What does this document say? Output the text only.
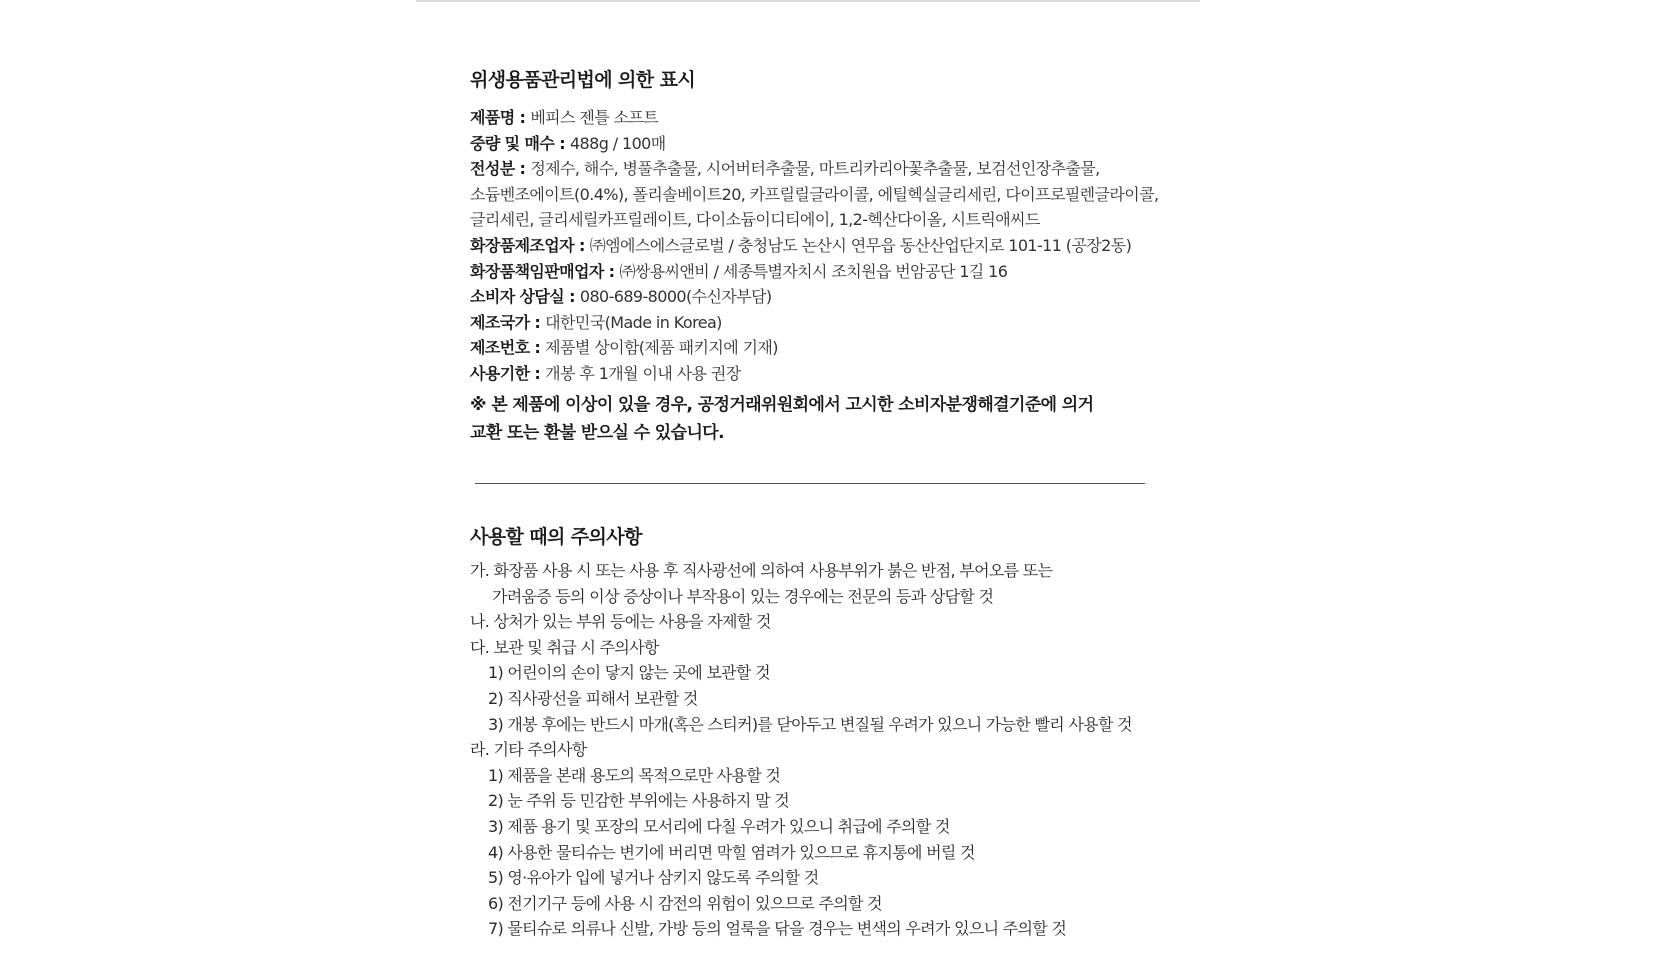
위생용품관리법에 의한 표시
제품명 : 베피스 젠틀 소프트
중량 및 매수 : 488g / 100매
전성분 : 정제수, 해수, 병풀추출물, 시어버터추출물, 마트리카리아꽃추출물, 보검선인장추출물,
소듐벤조에이트(0.4%), 폴리솔베이트20, 카프릴릴글라이콜, 에틸헥실글리세린, 다이프로필렌글라이콜,
글리세린, 글리세릴카프릴레이트, 다이소듐이디티에이, 1,2-헥산다이올, 시트릭애씨드
화장품제조업자 : ㈜엠에스에스글로벌 / 충청남도 논산시 연무읍 동산산업단지로 101-11 (공장2동)
화장품책임판매업자 : ㈜쌍용씨앤비 / 세종특별자치시 조치원읍 번암공단 1길 16
소비자 상담실 : 080-689-8000(수신자부담)
제조국가 : 대한민국(Made in Korea)
제조번호 : 제품별 상이함(제품 패키지에 기재)
사용기한 : 개봉 후 1개월 이내 사용 권장
※ 본 제품에 이상이 있을 경우, 공정거래위원회에서 고시한 소비자분쟁해결기준에 의거
교환 또는 환불 받으실 수 있습니다.
사용할 때의 주의사항
가. 화장품 사용 시 또는 사용 후 직사광선에 의하여 사용부위가 붉은 반점, 부어오름 또는
가려움증 등의 이상 증상이나 부작용이 있는 경우에는 전문의 등과 상담할 것
나. 상처가 있는 부위 등에는 사용을 자제할 것
다. 보관 및 취급 시 주의사항
1) 어린이의 손이 닿지 않는 곳에 보관할 것
2) 직사광선을 피해서 보관할 것
3) 개봉 후에는 반드시 마개(혹은 스티커)를 닫아두고 변질될 우려가 있으니 가능한 빨리 사용할 것
라. 기타 주의사항
1) 제품을 본래 용도의 목적으로만 사용할 것
2) 눈 주위 등 민감한 부위에는 사용하지 말 것
3) 제품 용기 및 포장의 모서리에 다칠 우려가 있으니 취급에 주의할 것
4) 사용한 물티슈는 변기에 버리면 막힐 염려가 있으므로 휴지통에 버릴 것
5) 영·유아가 입에 넣거나 삼키지 않도록 주의할 것
6) 전기기구 등에 사용 시 감전의 위험이 있으므로 주의할 것
7) 물티슈로 의류나 신발, 가방 등의 얼룩을 닦을 경우는 변색의 우려가 있으니 주의할 것
